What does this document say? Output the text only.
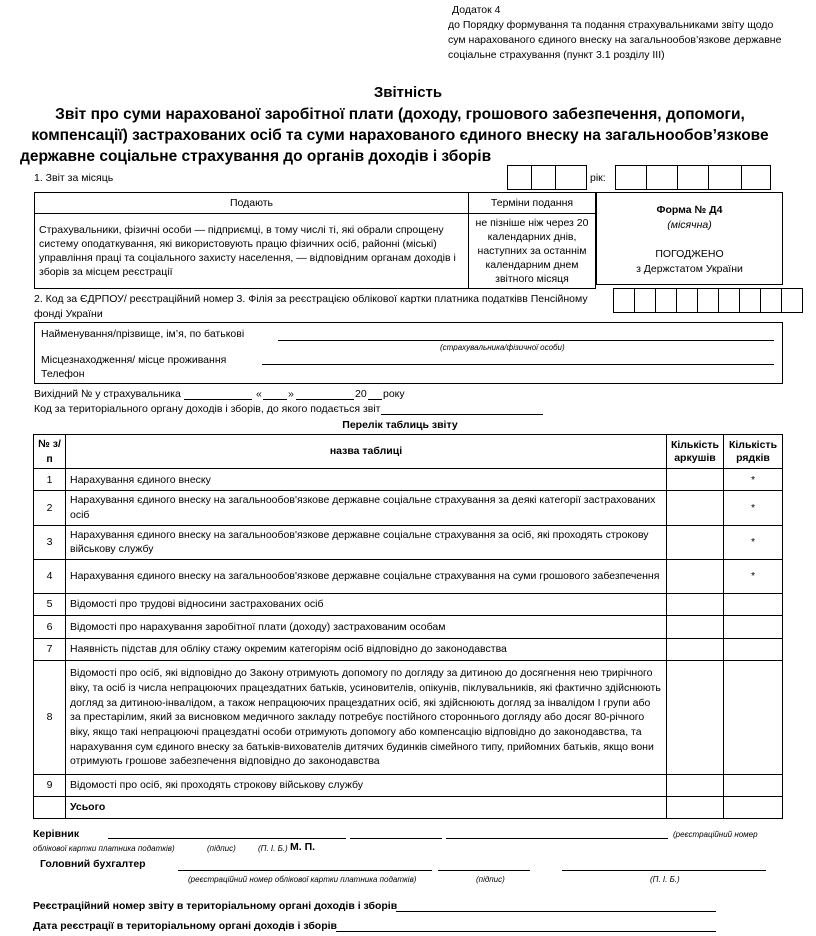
Додаток 4
до Порядку формування та подання страхувальниками звіту щодо сум нарахованого єдиного внеску на загальнообов’язкове державне соціальне страхування (пункт 3.1 розділу ІІІ)
Звітність
Звіт про суми нарахованої заробітної плати (доходу, грошового забезпечення, допомоги, компенсації) застрахованих осіб та суми нарахованого єдиного внеску на загальнообов’язкове державне соціальне страхування до органів доходів і зборів
1. Звіт за місяць	рік:
Подають	Терміни подання
Страхувальники, фізичні особи — підприємці, в тому числі ті, які обрали спрощену систему оподаткування, які використовують працю фізичних осіб, районні (міські) управління праці та соціального захисту населення, — відповідним органам доходів і зборів за місцем реєстрації	не пізніше ніж через 20 календарних днів, наступних за останнім календарним днем звітного місяця
Форма № Д4
(місячна)
ПОГОДЖЕНО
з Держстатом України
2. Код за ЄДРПОУ/ реєстраційний номер 3. Філія за реєстрацією облікової картки платника податківв Пенсійному фонді України
Найменування/прізвище, ім’я, по батькові
(страхувальника/фізичної особи)
Місцезнаходження/ місце проживання
Телефон
Вихідний № у страхувальника	« »	20 року
Код за територіального органу доходів і зборів, до якого подається звіт
Перелік таблиць звіту
№ з/п	назва таблиці	Кількість аркушів	Кількість рядків
1	Нарахування єдиного внеску		*
2	Нарахування єдиного внеску на загальнообов'язкове державне соціальне страхування за деякі категорії застрахованих осіб		*
3	Нарахування єдиного внеску на загальнообов'язкове державне соціальне страхування за осіб, які проходять строкову військову службу		*
4	Нарахування єдиного внеску на загальнообов'язкове державне соціальне страхування на суми грошового забезпечення		*
5	Відомості про трудові відносини застрахованих осіб		
6	Відомості про нарахування заробітної плати (доходу) застрахованим особам		
7	Наявність підстав для обліку стажу окремим категоріям осіб відповідно до законодавства		
8	Відомості про осіб, які відповідно до Закону отримують допомогу по догляду за дитиною до досягнення нею трирічного віку, та осіб із числа непрацюючих працездатних батьків, усиновителів, опікунів, піклувальників, які фактично здійснюють догляд за дитиною-інвалідом, а також непрацюючих працездатних осіб, які здійснюють догляд за інвалідом І групи або за престарілим, який за висновком медичного закладу потребує постійного стороннього догляду або досяг 80-річного віку, якщо такі непрацюючі працездатні особи отримують допомогу або компенсацію відповідно до законодавства, та нарахування сум єдиного внеску за батьків-вихователів дитячих будинків сімейного типу, прийомних батьків, якщо вони отримують грошове забезпечення відповідно до законодавства		
9	Відомості про осіб, які проходять строкову військову службу		
	Усього		
Керівник	(реєстраційний номер
облікової картки платника податків)	(підпис)	(П. І. Б.) М. П.
Головний бухгалтер
(реєстраційний номер облікової картки платника податків)	(підпис)	(П. І. Б.)
Реєстраційний номер звіту в територіальному органі доходів і зборів
Дата реєстрації в територіальному органі доходів і зборів
